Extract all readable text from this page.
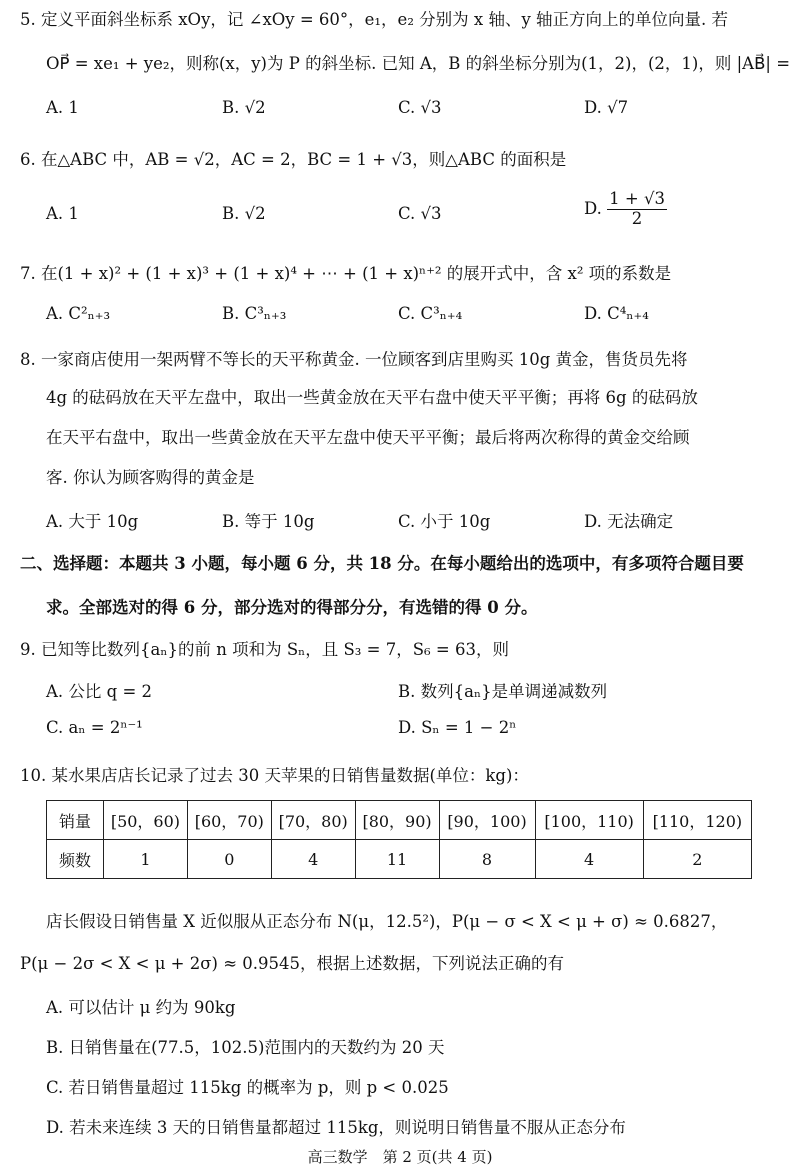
5. 定义平面斜坐标系 xOy，记 ∠xOy = 60°，e₁，e₂ 分别为 x 轴、y 轴正方向上的单位向量. 若
OP⃗ = xe₁ + ye₂，则称(x，y)为 P 的斜坐标. 已知 A，B 的斜坐标分别为(1，2)，(2，1)，则 |AB⃗| =
A. 1	B. √2	C. √3	D. √7
6. 在△ABC 中，AB = √2，AC = 2，BC = 1 + √3，则△ABC 的面积是
A. 1	B. √2	C. √3	D. $\frac{1 + √3}{2}$
7. 在(1 + x)² + (1 + x)³ + (1 + x)⁴ + ⋯ + (1 + x)ⁿ⁺² 的展开式中，含 x² 项的系数是
A. C²ₙ₊₃	B. C³ₙ₊₃	C. C³ₙ₊₄	D. C⁴ₙ₊₄
8. 一家商店使用一架两臂不等长的天平称黄金. 一位顾客到店里购买 10g 黄金，售货员先将
4g 的砝码放在天平左盘中，取出一些黄金放在天平右盘中使天平平衡；再将 6g 的砝码放
在天平右盘中，取出一些黄金放在天平左盘中使天平平衡；最后将两次称得的黄金交给顾
客. 你认为顾客购得的黄金是
A. 大于 10g	B. 等于 10g	C. 小于 10g	D. 无法确定
二、选择题：本题共 3 小题，每小题 6 分，共 18 分。在每小题给出的选项中，有多项符合题目要
求。全部选对的得 6 分，部分选对的得部分分，有选错的得 0 分。
9. 已知等比数列{aₙ}的前 n 项和为 Sₙ，且 S₃ = 7，S₆ = 63，则
A. 公比 q = 2	B. 数列{aₙ}是单调递减数列
C. aₙ = 2ⁿ⁻¹	D. Sₙ = 1 − 2ⁿ
10. 某水果店店长记录了过去 30 天苹果的日销售量数据(单位：kg)：
销量	[50，60)	[60，70)	[70，80)	[80，90)	[90，100)	[100，110)	[110，120)
频数	1	0	4	11	8	4	2
店长假设日销售量 X 近似服从正态分布 N(μ，12.5²)，P(μ − σ < X < μ + σ) ≈ 0.6827，
P(μ − 2σ < X < μ + 2σ) ≈ 0.9545，根据上述数据，下列说法正确的有
A. 可以估计 μ 约为 90kg
B. 日销售量在(77.5，102.5)范围内的天数约为 20 天
C. 若日销售量超过 115kg 的概率为 p，则 p < 0.025
D. 若未来连续 3 天的日销售量都超过 115kg，则说明日销售量不服从正态分布
高三数学　第 2 页(共 4 页)
